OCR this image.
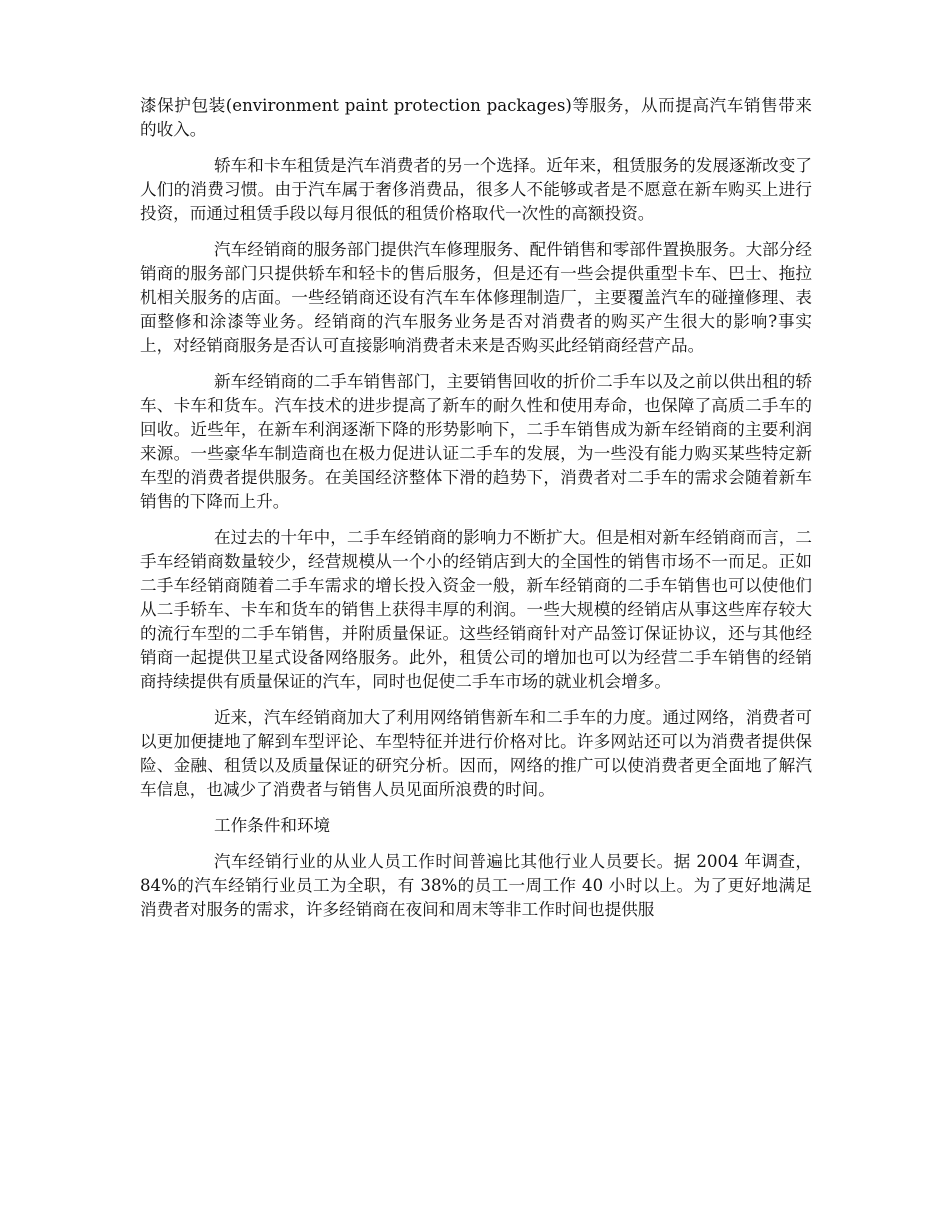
漆保护包装(environment paint protection packages)等服务，从而提高汽车销售带来的收入。

轿车和卡车租赁是汽车消费者的另一个选择。近年来，租赁服务的发展逐渐改变了人们的消费习惯。由于汽车属于奢侈消费品，很多人不能够或者是不愿意在新车购买上进行投资，而通过租赁手段以每月很低的租赁价格取代一次性的高额投资。

汽车经销商的服务部门提供汽车修理服务、配件销售和零部件置换服务。大部分经销商的服务部门只提供轿车和轻卡的售后服务，但是还有一些会提供重型卡车、巴士、拖拉机相关服务的店面。一些经销商还设有汽车车体修理制造厂，主要覆盖汽车的碰撞修理、表面整修和涂漆等业务。经销商的汽车服务业务是否对消费者的购买产生很大的影响?事实上，对经销商服务是否认可直接影响消费者未来是否购买此经销商经营产品。

新车经销商的二手车销售部门，主要销售回收的折价二手车以及之前以供出租的轿车、卡车和货车。汽车技术的进步提高了新车的耐久性和使用寿命，也保障了高质二手车的回收。近些年，在新车利润逐渐下降的形势影响下，二手车销售成为新车经销商的主要利润来源。一些豪华车制造商也在极力促进认证二手车的发展，为一些没有能力购买某些特定新车型的消费者提供服务。在美国经济整体下滑的趋势下，消费者对二手车的需求会随着新车销售的下降而上升。

在过去的十年中，二手车经销商的影响力不断扩大。但是相对新车经销商而言，二手车经销商数量较少，经营规模从一个小的经销店到大的全国性的销售市场不一而足。正如二手车经销商随着二手车需求的增长投入资金一般，新车经销商的二手车销售也可以使他们从二手轿车、卡车和货车的销售上获得丰厚的利润。一些大规模的经销店从事这些库存较大的流行车型的二手车销售，并附质量保证。这些经销商针对产品签订保证协议，还与其他经销商一起提供卫星式设备网络服务。此外，租赁公司的增加也可以为经营二手车销售的经销商持续提供有质量保证的汽车，同时也促使二手车市场的就业机会增多。

近来，汽车经销商加大了利用网络销售新车和二手车的力度。通过网络，消费者可以更加便捷地了解到车型评论、车型特征并进行价格对比。许多网站还可以为消费者提供保险、金融、租赁以及质量保证的研究分析。因而，网络的推广可以使消费者更全面地了解汽车信息，也减少了消费者与销售人员见面所浪费的时间。

工作条件和环境

汽车经销行业的从业人员工作时间普遍比其他行业人员要长。据 2004 年调查，84%的汽车经销行业员工为全职，有 38%的员工一周工作 40 小时以上。为了更好地满足消费者对服务的需求，许多经销商在夜间和周末等非工作时间也提供服
